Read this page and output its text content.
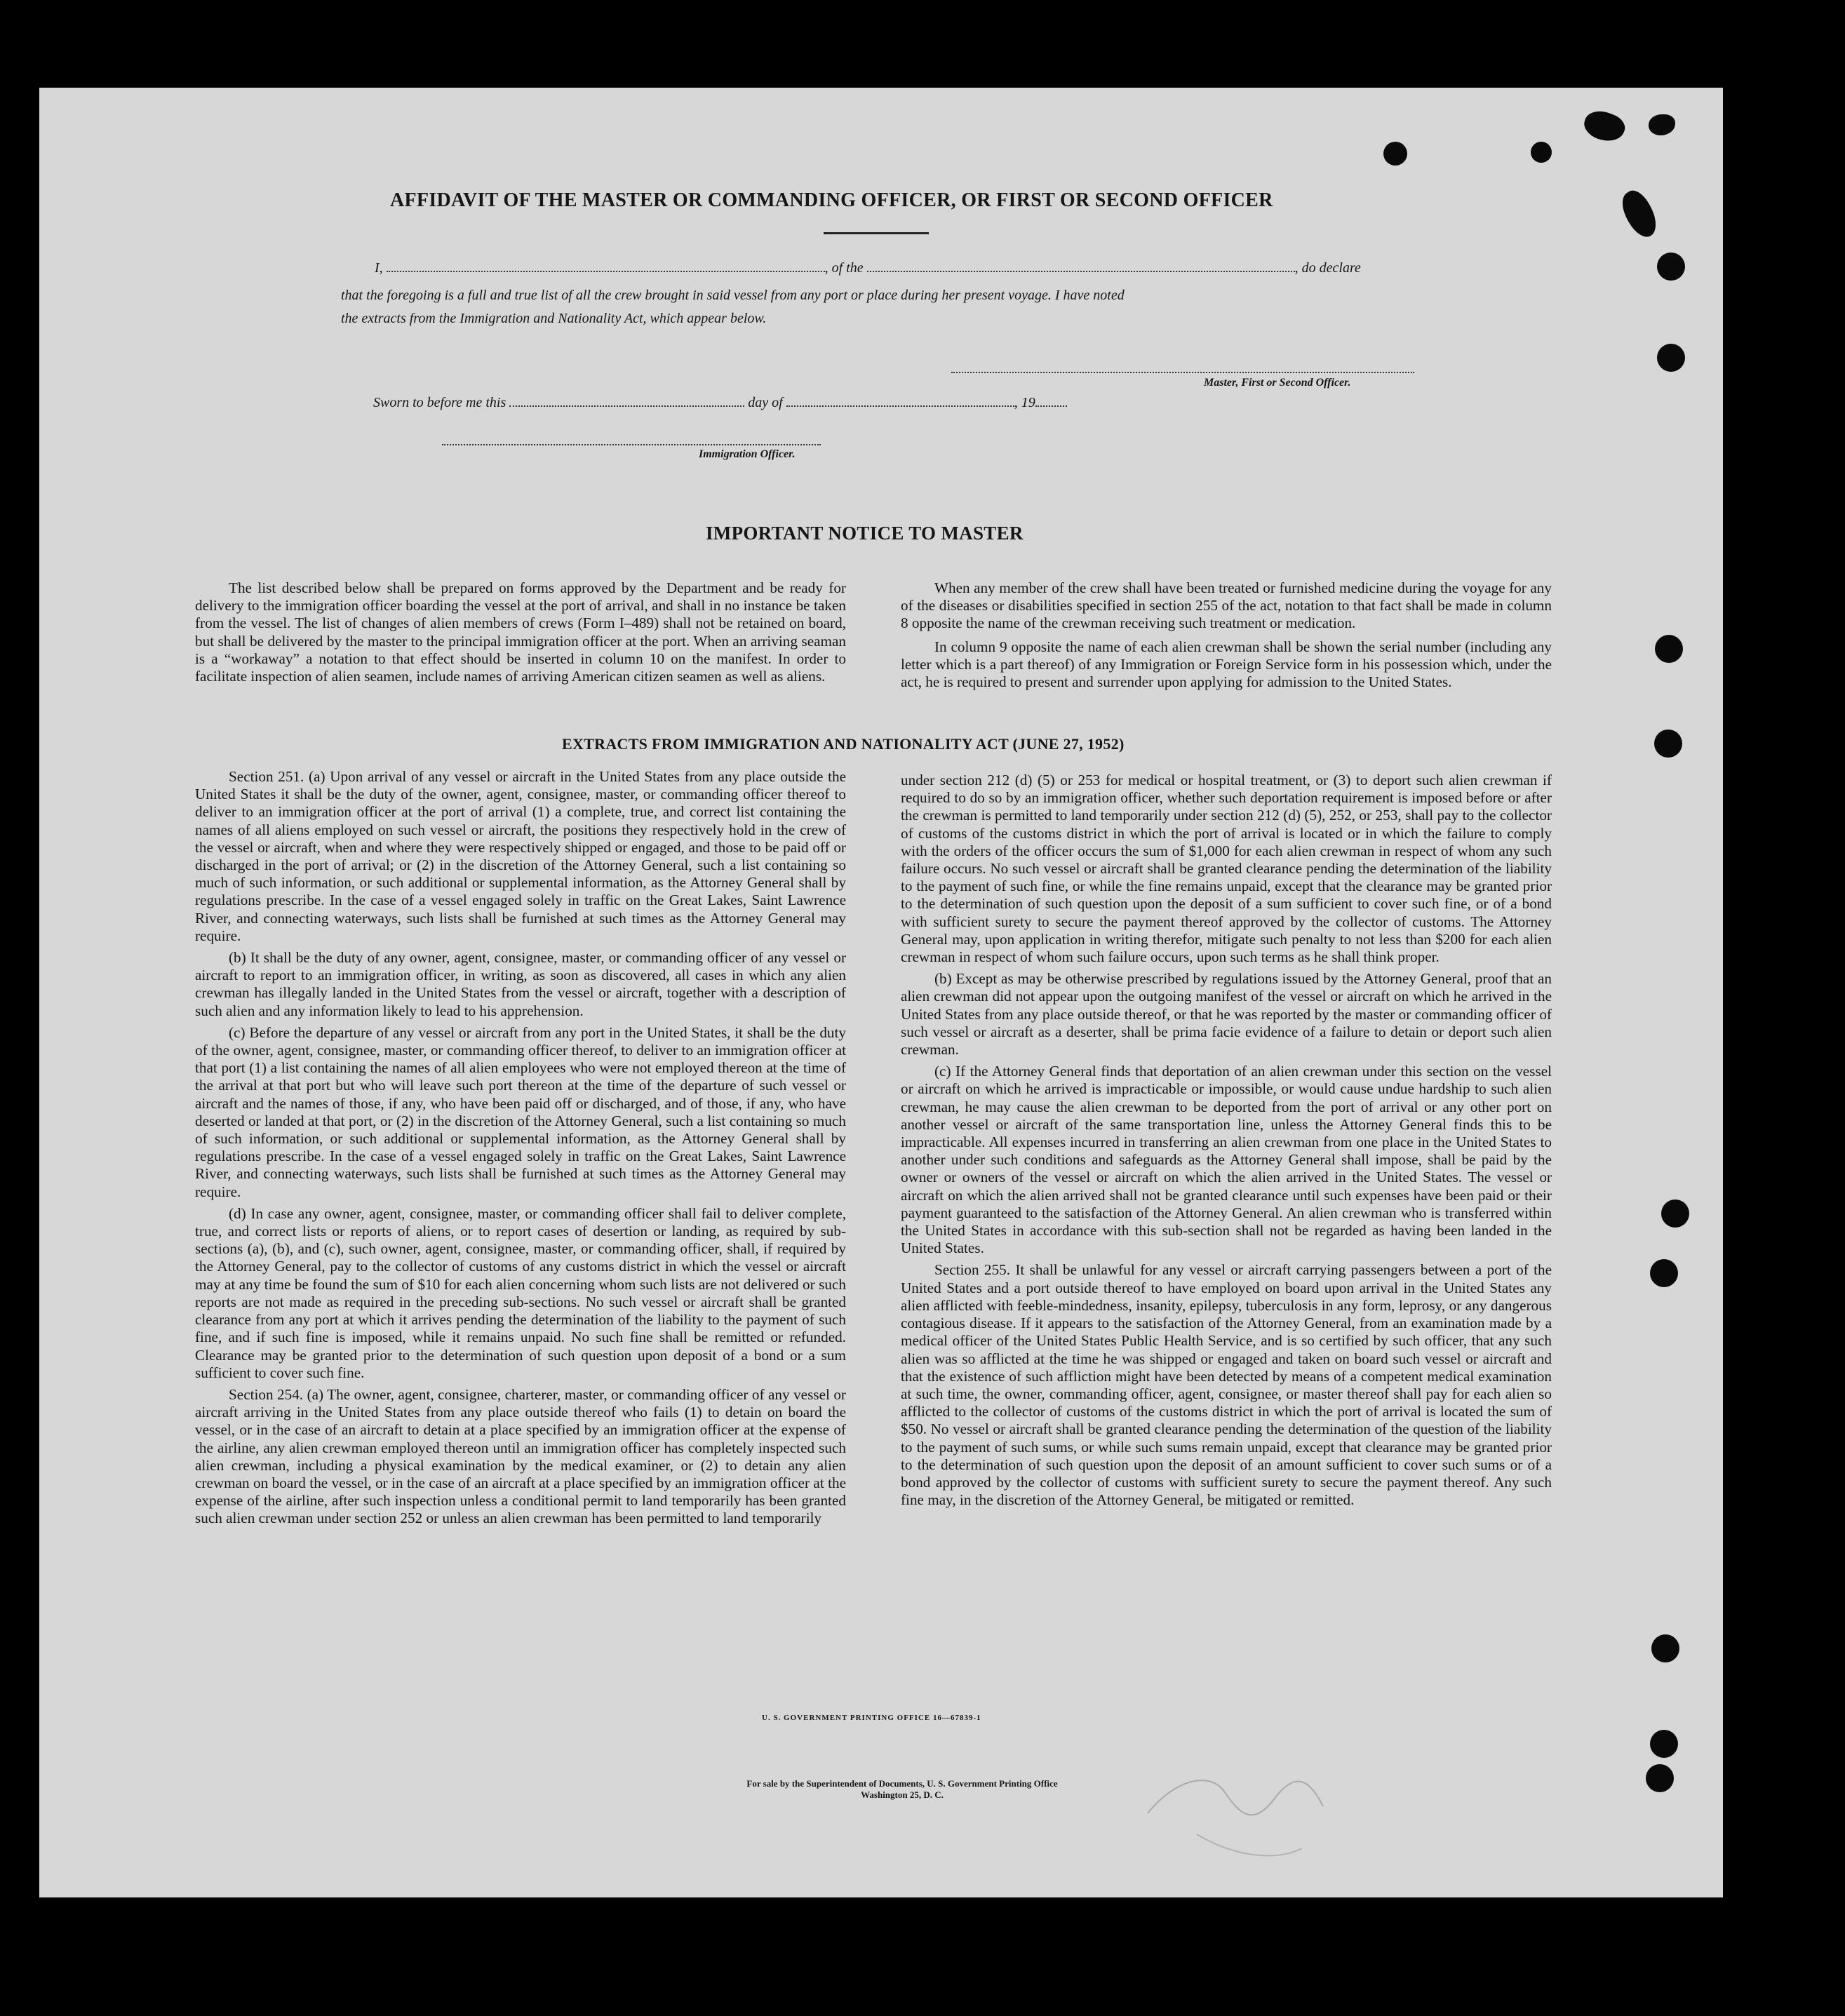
AFFIDAVIT OF THE MASTER OR COMMANDING OFFICER, OR FIRST OR SECOND OFFICER
I,	, of the	, do declare
that the foregoing is a full and true list of all the crew brought in said vessel from any port or place during her present voyage. I have noted
the extracts from the Immigration and Nationality Act, which appear below.
Master, First or Second Officer.
Sworn to before me this	day of	, 19
Immigration Officer.
IMPORTANT NOTICE TO MASTER

The list described below shall be prepared on forms approved by the Department and be ready for delivery to the immigration officer boarding the vessel at the port of arrival, and shall in no instance be taken from the vessel. The list of changes of alien members of crews (Form I–489) shall not be retained on board, but shall be delivered by the master to the principal immigration officer at the port. When an arriving seaman is a “workaway” a notation to that effect should be inserted in column 10 on the manifest. In order to facilitate inspection of alien seamen, include names of arriving American citizen seamen as well as aliens.

When any member of the crew shall have been treated or furnished medicine during the voyage for any of the diseases or disabilities specified in section 255 of the act, notation to that fact shall be made in column 8 opposite the name of the crewman receiving such treatment or medication.

In column 9 opposite the name of each alien crewman shall be shown the serial number (including any letter which is a part thereof) of any Immigration or Foreign Service form in his possession which, under the act, he is required to present and surrender upon applying for admission to the United States.

EXTRACTS FROM IMMIGRATION AND NATIONALITY ACT (JUNE 27, 1952)

Section 251. (a) Upon arrival of any vessel or aircraft in the United States from any place outside the United States it shall be the duty of the owner, agent, consignee, master, or commanding officer thereof to deliver to an immigration officer at the port of arrival (1) a complete, true, and correct list containing the names of all aliens employed on such vessel or aircraft, the positions they respectively hold in the crew of the vessel or aircraft, when and where they were respectively shipped or engaged, and those to be paid off or discharged in the port of arrival; or (2) in the discretion of the Attorney General, such a list containing so much of such information, or such additional or supplemental information, as the Attorney General shall by regulations prescribe. In the case of a vessel engaged solely in traffic on the Great Lakes, Saint Lawrence River, and connecting waterways, such lists shall be furnished at such times as the Attorney General may require.

(b) It shall be the duty of any owner, agent, consignee, master, or commanding officer of any vessel or aircraft to report to an immigration officer, in writing, as soon as discovered, all cases in which any alien crewman has illegally landed in the United States from the vessel or aircraft, together with a description of such alien and any information likely to lead to his apprehension.

(c) Before the departure of any vessel or aircraft from any port in the United States, it shall be the duty of the owner, agent, consignee, master, or commanding officer thereof, to deliver to an immigration officer at that port (1) a list containing the names of all alien employees who were not employed thereon at the time of the arrival at that port but who will leave such port thereon at the time of the departure of such vessel or aircraft and the names of those, if any, who have been paid off or discharged, and of those, if any, who have deserted or landed at that port, or (2) in the discretion of the Attorney General, such a list containing so much of such information, or such additional or supplemental information, as the Attorney General shall by regulations prescribe. In the case of a vessel engaged solely in traffic on the Great Lakes, Saint Lawrence River, and connecting waterways, such lists shall be furnished at such times as the Attorney General may require.

(d) In case any owner, agent, consignee, master, or commanding officer shall fail to deliver complete, true, and correct lists or reports of aliens, or to report cases of desertion or landing, as required by sub-sections (a), (b), and (c), such owner, agent, consignee, master, or commanding officer, shall, if required by the Attorney General, pay to the collector of customs of any customs district in which the vessel or aircraft may at any time be found the sum of $10 for each alien concerning whom such lists are not delivered or such reports are not made as required in the preceding sub-sections. No such vessel or aircraft shall be granted clearance from any port at which it arrives pending the determination of the liability to the payment of such fine, and if such fine is imposed, while it remains unpaid. No such fine shall be remitted or refunded. Clearance may be granted prior to the determination of such question upon deposit of a bond or a sum sufficient to cover such fine.

Section 254. (a) The owner, agent, consignee, charterer, master, or commanding officer of any vessel or aircraft arriving in the United States from any place outside thereof who fails (1) to detain on board the vessel, or in the case of an aircraft to detain at a place specified by an immigration officer at the expense of the airline, any alien crewman employed thereon until an immigration officer has completely inspected such alien crewman, including a physical examination by the medical examiner, or (2) to detain any alien crewman on board the vessel, or in the case of an aircraft at a place specified by an immigration officer at the expense of the airline, after such inspection unless a conditional permit to land temporarily has been granted such alien crewman under section 252 or unless an alien crewman has been permitted to land temporarily

under section 212 (d) (5) or 253 for medical or hospital treatment, or (3) to deport such alien crewman if required to do so by an immigration officer, whether such deportation requirement is imposed before or after the crewman is permitted to land temporarily under section 212 (d) (5), 252, or 253, shall pay to the collector of customs of the customs district in which the port of arrival is located or in which the failure to comply with the orders of the officer occurs the sum of $1,000 for each alien crewman in respect of whom any such failure occurs. No such vessel or aircraft shall be granted clearance pending the determination of the liability to the payment of such fine, or while the fine remains unpaid, except that the clearance may be granted prior to the determination of such question upon the deposit of a sum sufficient to cover such fine, or of a bond with sufficient surety to secure the payment thereof approved by the collector of customs. The Attorney General may, upon application in writing therefor, mitigate such penalty to not less than $200 for each alien crewman in respect of whom such failure occurs, upon such terms as he shall think proper.

(b) Except as may be otherwise prescribed by regulations issued by the Attorney General, proof that an alien crewman did not appear upon the outgoing manifest of the vessel or aircraft on which he arrived in the United States from any place outside thereof, or that he was reported by the master or commanding officer of such vessel or aircraft as a deserter, shall be prima facie evidence of a failure to detain or deport such alien crewman.

(c) If the Attorney General finds that deportation of an alien crewman under this section on the vessel or aircraft on which he arrived is impracticable or impossible, or would cause undue hardship to such alien crewman, he may cause the alien crewman to be deported from the port of arrival or any other port on another vessel or aircraft of the same transportation line, unless the Attorney General finds this to be impracticable. All expenses incurred in transferring an alien crewman from one place in the United States to another under such conditions and safeguards as the Attorney General shall impose, shall be paid by the owner or owners of the vessel or aircraft on which the alien arrived in the United States. The vessel or aircraft on which the alien arrived shall not be granted clearance until such expenses have been paid or their payment guaranteed to the satisfaction of the Attorney General. An alien crewman who is transferred within the United States in accordance with this sub-section shall not be regarded as having been landed in the United States.

Section 255. It shall be unlawful for any vessel or aircraft carrying passengers between a port of the United States and a port outside thereof to have employed on board upon arrival in the United States any alien afflicted with feeble-mindedness, insanity, epilepsy, tuberculosis in any form, leprosy, or any dangerous contagious disease. If it appears to the satisfaction of the Attorney General, from an examination made by a medical officer of the United States Public Health Service, and is so certified by such officer, that any such alien was so afflicted at the time he was shipped or engaged and taken on board such vessel or aircraft and that the existence of such affliction might have been detected by means of a competent medical examination at such time, the owner, commanding officer, agent, consignee, or master thereof shall pay for each alien so afflicted to the collector of customs of the customs district in which the port of arrival is located the sum of $50. No vessel or aircraft shall be granted clearance pending the determination of the question of the liability to the payment of such sums, or while such sums remain unpaid, except that clearance may be granted prior to the determination of such question upon the deposit of an amount sufficient to cover such sums or of a bond approved by the collector of customs with sufficient surety to secure the payment thereof. Any such fine may, in the discretion of the Attorney General, be mitigated or remitted.

U. S. GOVERNMENT PRINTING OFFICE 16—67839-1
For sale by the Superintendent of Documents, U. S. Government Printing Office
Washington 25, D. C.
